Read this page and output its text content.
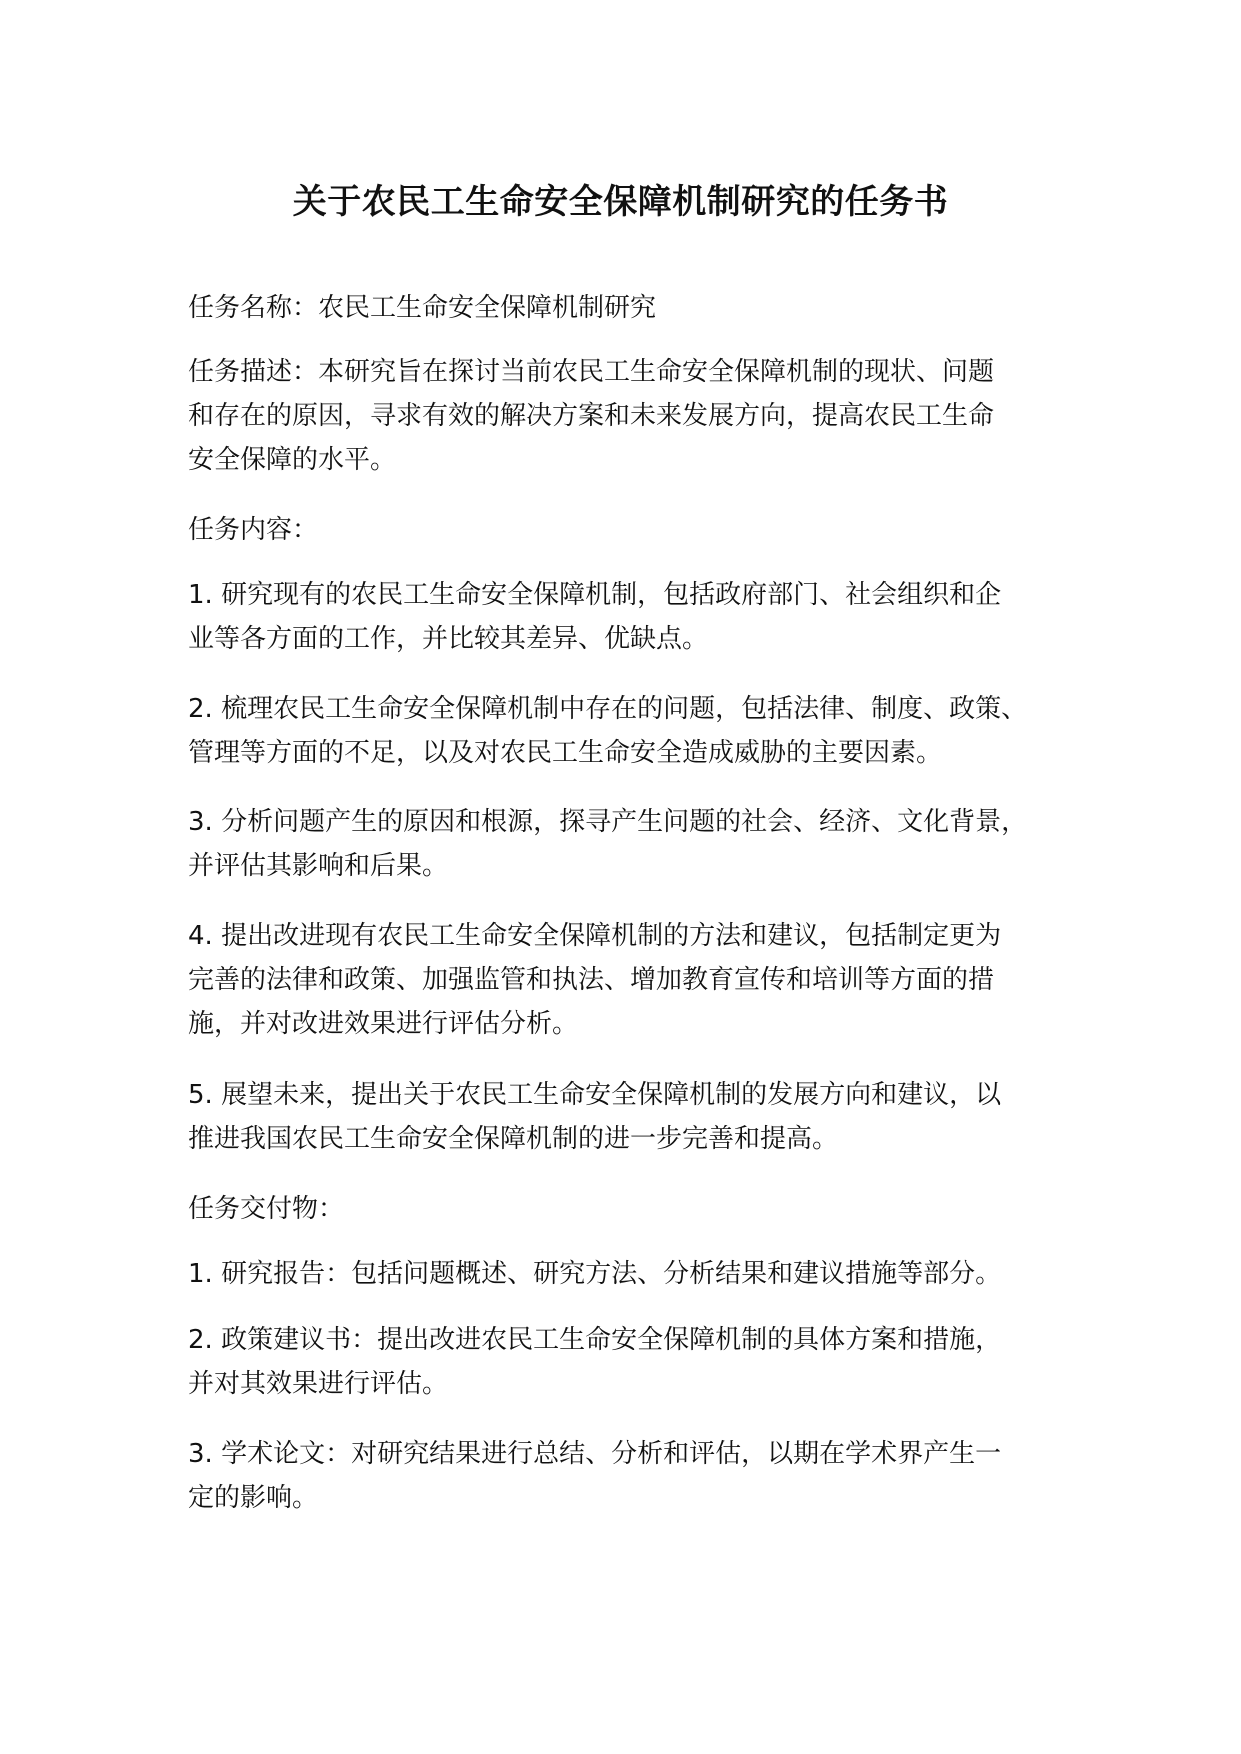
关于农民工生命安全保障机制研究的任务书

任务名称：农民工生命安全保障机制研究

任务描述：本研究旨在探讨当前农民工生命安全保障机制的现状、问题
和存在的原因，寻求有效的解决方案和未来发展方向，提高农民工生命
安全保障的水平。

任务内容：

1. 研究现有的农民工生命安全保障机制，包括政府部门、社会组织和企
业等各方面的工作，并比较其差异、优缺点。

2. 梳理农民工生命安全保障机制中存在的问题，包括法律、制度、政策、
管理等方面的不足，以及对农民工生命安全造成威胁的主要因素。

3. 分析问题产生的原因和根源，探寻产生问题的社会、经济、文化背景，
并评估其影响和后果。

4. 提出改进现有农民工生命安全保障机制的方法和建议，包括制定更为
完善的法律和政策、加强监管和执法、增加教育宣传和培训等方面的措
施，并对改进效果进行评估分析。

5. 展望未来，提出关于农民工生命安全保障机制的发展方向和建议，以
推进我国农民工生命安全保障机制的进一步完善和提高。

任务交付物：

1. 研究报告：包括问题概述、研究方法、分析结果和建议措施等部分。

2. 政策建议书：提出改进农民工生命安全保障机制的具体方案和措施，
并对其效果进行评估。

3. 学术论文：对研究结果进行总结、分析和评估，以期在学术界产生一
定的影响。
